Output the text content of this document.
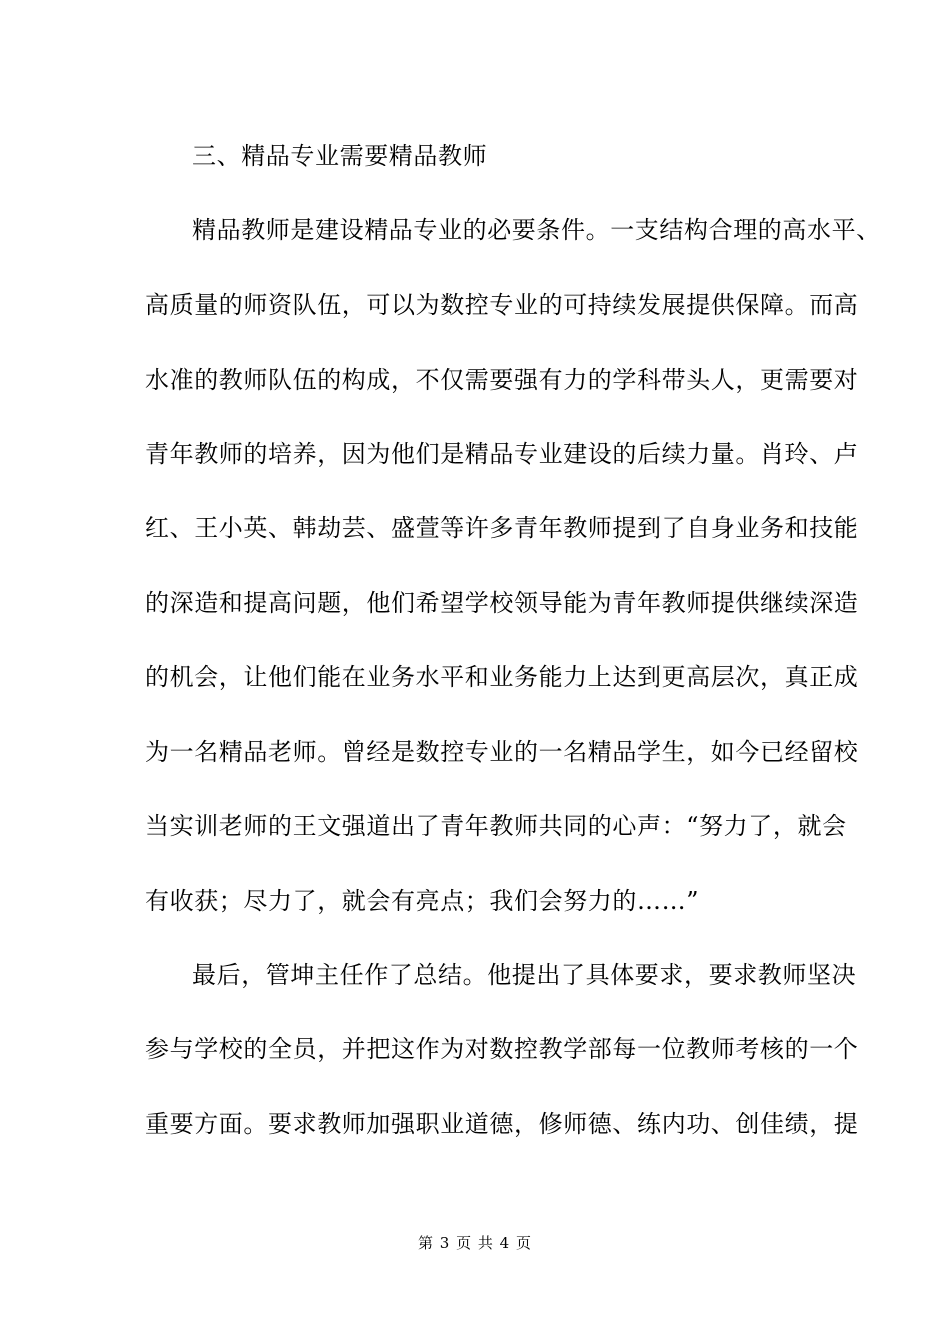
三、精品专业需要精品教师
精品教师是建设精品专业的必要条件。一支结构合理的高水平、
高质量的师资队伍，可以为数控专业的可持续发展提供保障。而高
水准的教师队伍的构成，不仅需要强有力的学科带头人，更需要对
青年教师的培养，因为他们是精品专业建设的后续力量。肖玲、卢
红、王小英、韩劫芸、盛萱等许多青年教师提到了自身业务和技能
的深造和提高问题，他们希望学校领导能为青年教师提供继续深造
的机会，让他们能在业务水平和业务能力上达到更高层次，真正成
为一名精品老师。曾经是数控专业的一名精品学生，如今已经留校
当实训老师的王文强道出了青年教师共同的心声：“努力了，就会
有收获；尽力了，就会有亮点；我们会努力的……”
最后，管坤主任作了总结。他提出了具体要求，要求教师坚决
参与学校的全员，并把这作为对数控教学部每一位教师考核的一个
重要方面。要求教师加强职业道德，修师德、练内功、创佳绩，提
第 3 页 共 4 页
